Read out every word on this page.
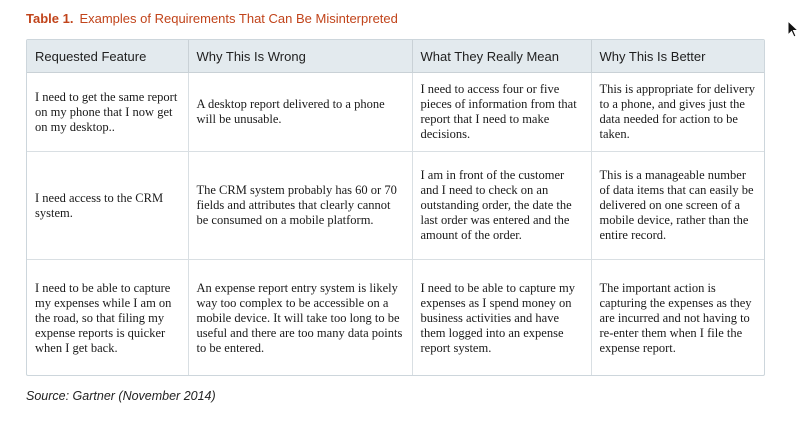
Table 1. Examples of Requirements That Can Be Misinterpreted
Requested Feature	Why This Is Wrong	What They Really Mean	Why This Is Better
I need to get the same report on my phone that I now get on my desktop..	A desktop report delivered to a phone will be unusable.	I need to access four or five pieces of information from that report that I need to make decisions.	This is appropriate for delivery to a phone, and gives just the data needed for action to be taken.
I need access to the CRM system.	The CRM system probably has 60 or 70 fields and attributes that clearly cannot be consumed on a mobile platform.	I am in front of the customer and I need to check on an outstanding order, the date the last order was entered and the amount of the order.	This is a manageable number of data items that can easily be delivered on one screen of a mobile device, rather than the entire record.
I need to be able to capture my expenses while I am on the road, so that filing my expense reports is quicker when I get back.	An expense report entry system is likely way too complex to be accessible on a mobile device. It will take too long to be useful and there are too many data points to be entered.	I need to be able to capture my expenses as I spend money on business activities and have them logged into an expense report system.	The important action is capturing the expenses as they are incurred and not having to re-enter them when I file the expense report.
Source: Gartner (November 2014)
